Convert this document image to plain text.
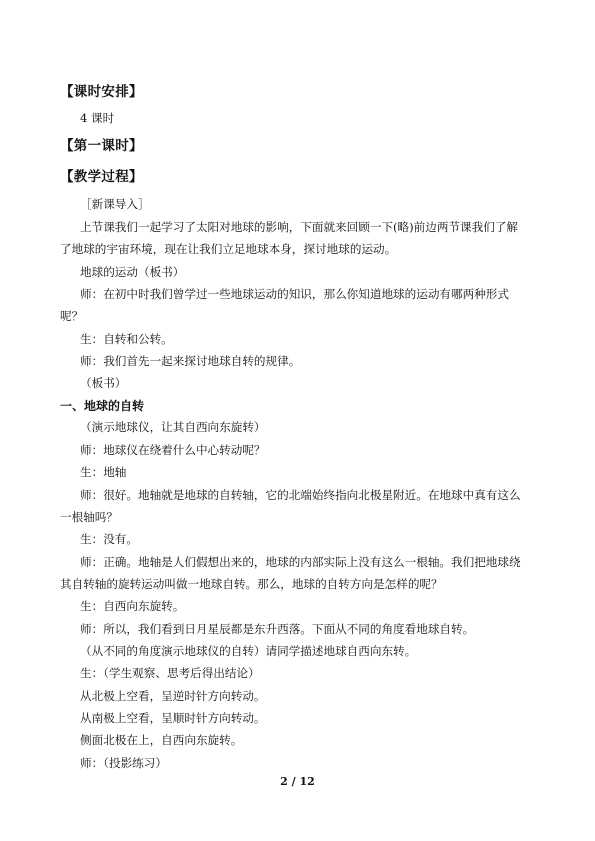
【课时安排】
4 课时
【第一课时】
【教学过程】
［新课导入］
上节课我们一起学习了太阳对地球的影响，下面就来回顾一下(略)前边两节课我们了解
了地球的宇宙环境，现在让我们立足地球本身，探讨地球的运动。
地球的运动（板书）
师：在初中时我们曾学过一些地球运动的知识，那么你知道地球的运动有哪两种形式
呢？
生：自转和公转。
师：我们首先一起来探讨地球自转的规律。
（板书）
一、地球的自转
（演示地球仪，让其自西向东旋转）
师：地球仪在绕着什么中心转动呢？
生：地轴
师：很好。地轴就是地球的自转轴，它的北端始终指向北极星附近。在地球中真有这么
一根轴吗？
生：没有。
师：正确。地轴是人们假想出来的，地球的内部实际上没有这么一根轴。我们把地球绕
其自转轴的旋转运动叫做一地球自转。那么，地球的自转方向是怎样的呢？
生：自西向东旋转。
师：所以，我们看到日月星辰都是东升西落。下面从不同的角度看地球自转。
（从不同的角度演示地球仪的自转）请同学描述地球自西向东转。
生：（学生观察、思考后得出结论）
从北极上空看，呈逆时针方向转动。
从南极上空看，呈顺时针方向转动。
侧面北极在上，自西向东旋转。
师：（投影练习）
2 / 12
